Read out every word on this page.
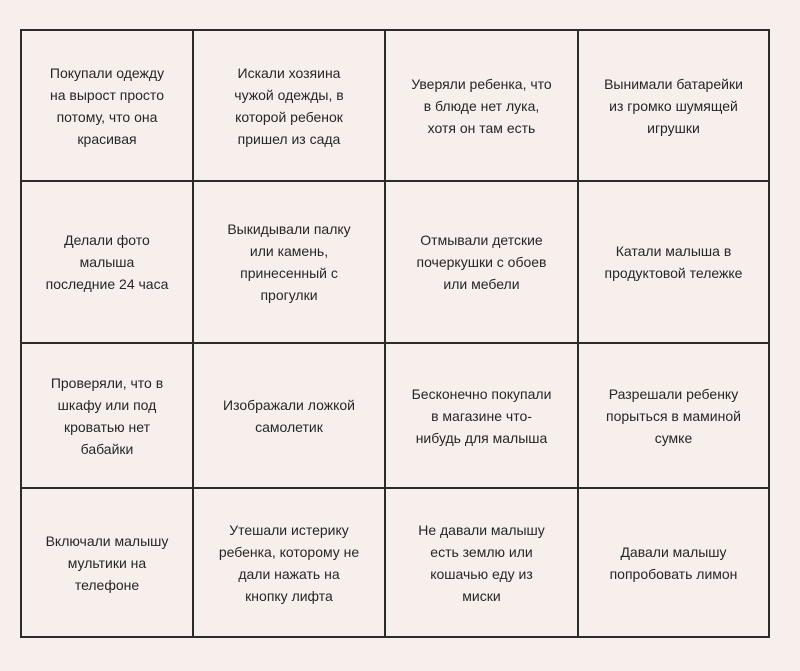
Покупали одежду
на вырост просто
потому, что она
красивая
Искали хозяина
чужой одежды, в
которой ребенок
пришел из сада
Уверяли ребенка, что
в блюде нет лука,
хотя он там есть
Вынимали батарейки
из громко шумящей
игрушки
Делали фото
малыша
последние 24 часа
Выкидывали палку
или камень,
принесенный с
прогулки
Отмывали детские
почеркушки с обоев
или мебели
Катали малыша в
продуктовой тележке
Проверяли, что в
шкафу или под
кроватью нет
бабайки
Изображали ложкой
самолетик
Бесконечно покупали
в магазине что-
нибудь для малыша
Разрешали ребенку
порыться в маминой
сумке
Включали малышу
мультики на
телефоне
Утешали истерику
ребенка, которому не
дали нажать на
кнопку лифта
Не давали малышу
есть землю или
кошачью еду из
миски
Давали малышу
попробовать лимон
